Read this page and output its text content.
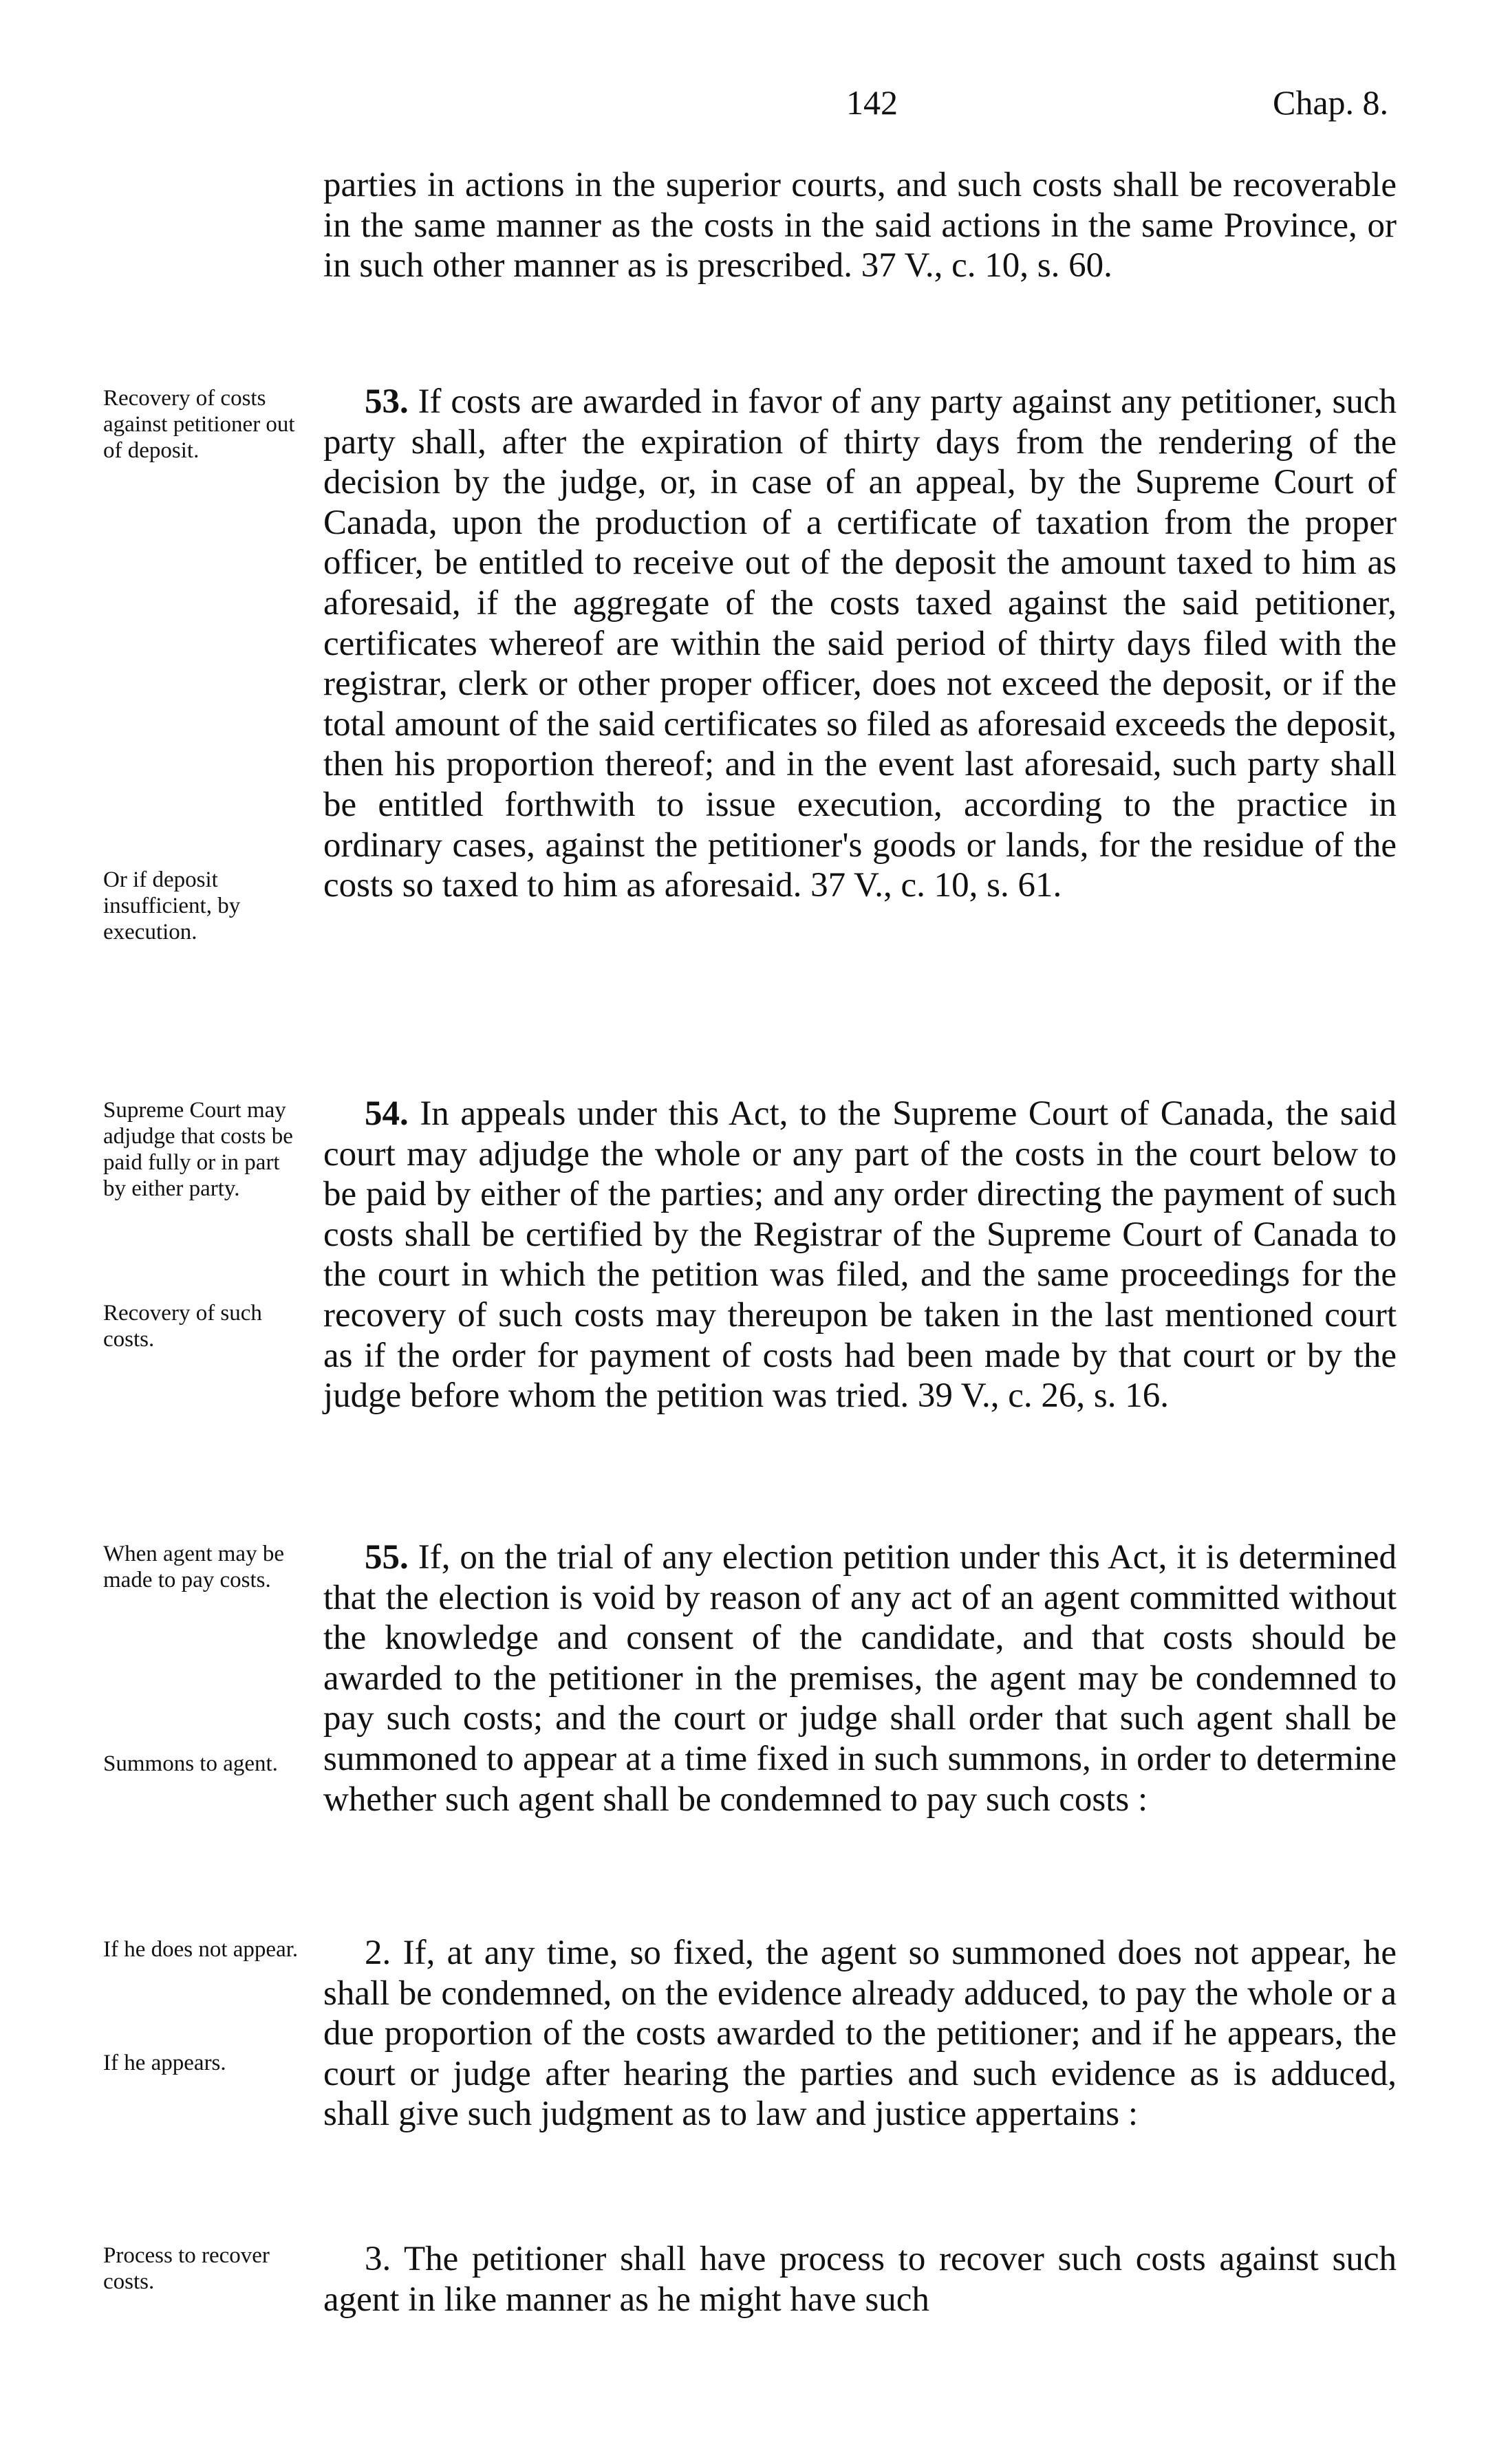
142	Chap. 8.

parties in actions in the superior courts, and such costs shall be recoverable in the same manner as the costs in the said actions in the same Province, or in such other manner as is prescribed. 37 V., c. 10, s. 60.

Recovery of costs against petitioner out of deposit.
Or if deposit insufficient, by execution.

53. If costs are awarded in favor of any party against any petitioner, such party shall, after the expiration of thirty days from the rendering of the decision by the judge, or, in case of an appeal, by the Supreme Court of Canada, upon the production of a certificate of taxation from the proper officer, be entitled to receive out of the deposit the amount taxed to him as aforesaid, if the aggregate of the costs taxed against the said petitioner, certificates whereof are within the said period of thirty days filed with the registrar, clerk or other proper officer, does not exceed the deposit, or if the total amount of the said certificates so filed as aforesaid exceeds the deposit, then his proportion thereof; and in the event last aforesaid, such party shall be entitled forthwith to issue execution, according to the practice in ordinary cases, against the petitioner's goods or lands, for the residue of the costs so taxed to him as aforesaid. 37 V., c. 10, s. 61.

Supreme Court may adjudge that costs be paid fully or in part by either party.
Recovery of such costs.

54. In appeals under this Act, to the Supreme Court of Canada, the said court may adjudge the whole or any part of the costs in the court below to be paid by either of the parties; and any order directing the payment of such costs shall be certified by the Registrar of the Supreme Court of Canada to the court in which the petition was filed, and the same proceedings for the recovery of such costs may thereupon be taken in the last mentioned court as if the order for payment of costs had been made by that court or by the judge before whom the petition was tried. 39 V., c. 26, s. 16.

When agent may be made to pay costs.
Summons to agent.

55. If, on the trial of any election petition under this Act, it is determined that the election is void by reason of any act of an agent committed without the knowledge and consent of the candidate, and that costs should be awarded to the petitioner in the premises, the agent may be condemned to pay such costs; and the court or judge shall order that such agent shall be summoned to appear at a time fixed in such summons, in order to determine whether such agent shall be condemned to pay such costs :

If he does not appear.
If he appears.

2. If, at any time, so fixed, the agent so summoned does not appear, he shall be condemned, on the evidence already adduced, to pay the whole or a due proportion of the costs awarded to the petitioner; and if he appears, the court or judge after hearing the parties and such evidence as is adduced, shall give such judgment as to law and justice appertains :

Process to recover costs.

3. The petitioner shall have process to recover such costs against such agent in like manner as he might have such
